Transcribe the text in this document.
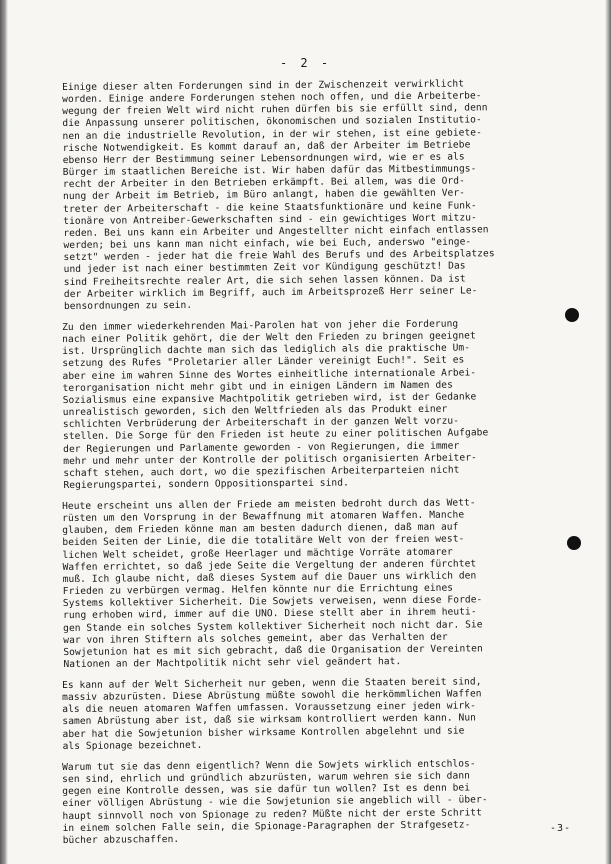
- 2 -
Einige dieser alten Forderungen sind in der Zwischenzeit verwirklicht
worden. Einige andere Forderungen stehen noch offen, und die Arbeiterbe-
wegung der freien Welt wird nicht ruhen dürfen bis sie erfüllt sind, denn
die Anpassung unserer politischen, ökonomischen und sozialen Institutio-
nen an die industrielle Revolution, in der wir stehen, ist eine gebiete-
rische Notwendigkeit. Es kommt darauf an, daß der Arbeiter im Betriebe
ebenso Herr der Bestimmung seiner Lebensordnungen wird, wie er es als
Bürger im staatlichen Bereiche ist. Wir haben dafür das Mitbestimmungs-
recht der Arbeiter in den Betrieben erkämpft. Bei allem, was die Ord-
nung der Arbeit im Betrieb, im Büro anlangt, haben die gewählten Ver-
treter der Arbeiterschaft - die keine Staatsfunktionäre und keine Funk-
tionäre von Antreiber-Gewerkschaften sind - ein gewichtiges Wort mitzu-
reden. Bei uns kann ein Arbeiter und Angestellter nicht einfach entlassen
werden; bei uns kann man nicht einfach, wie bei Euch, anderswo "einge-
setzt" werden - jeder hat die freie Wahl des Berufs und des Arbeitsplatzes
und jeder ist nach einer bestimmten Zeit vor Kündigung geschützt! Das
sind Freiheitsrechte realer Art, die sich sehen lassen können. Da ist
der Arbeiter wirklich im Begriff, auch im Arbeitsprozeß Herr seiner Le-
bensordnungen zu sein.
Zu den immer wiederkehrenden Mai-Parolen hat von jeher die Forderung
nach einer Politik gehört, die der Welt den Frieden zu bringen geeignet
ist. Ursprünglich dachte man sich das lediglich als die praktische Um-
setzung des Rufes "Proletarier aller Länder vereinigt Euch!". Seit es
aber eine im wahren Sinne des Wortes einheitliche internationale Arbei-
terorganisation nicht mehr gibt und in einigen Ländern im Namen des
Sozialismus eine expansive Machtpolitik getrieben wird, ist der Gedanke
unrealistisch geworden, sich den Weltfrieden als das Produkt einer
schlichten Verbrüderung der Arbeiterschaft in der ganzen Welt vorzu-
stellen. Die Sorge für den Frieden ist heute zu einer politischen Aufgabe
der Regierungen und Parlamente geworden - von Regierungen, die immer
mehr und mehr unter der Kontrolle der politisch organisierten Arbeiter-
schaft stehen, auch dort, wo die spezifischen Arbeiterparteien nicht
Regierungspartei, sondern Oppositionspartei sind.
Heute erscheint uns allen der Friede am meisten bedroht durch das Wett-
rüsten um den Vorsprung in der Bewaffnung mit atomaren Waffen. Manche
glauben, dem Frieden könne man am besten dadurch dienen, daß man auf
beiden Seiten der Linie, die die totalitäre Welt von der freien west-
lichen Welt scheidet, große Heerlager und mächtige Vorräte atomarer
Waffen errichtet, so daß jede Seite die Vergeltung der anderen fürchtet
muß. Ich glaube nicht, daß dieses System auf die Dauer uns wirklich den
Frieden zu verbürgen vermag. Helfen könnte nur die Errichtung eines
Systems kollektiver Sicherheit. Die Sowjets verweisen, wenn diese Forde-
rung erhoben wird, immer auf die UNO. Diese stellt aber in ihrem heuti-
gen Stande ein solches System kollektiver Sicherheit noch nicht dar. Sie
war von ihren Stiftern als solches gemeint, aber das Verhalten der
Sowjetunion hat es mit sich gebracht, daß die Organisation der Vereinten
Nationen an der Machtpolitik nicht sehr viel geändert hat.
Es kann auf der Welt Sicherheit nur geben, wenn die Staaten bereit sind,
massiv abzurüsten. Diese Abrüstung müßte sowohl die herkömmlichen Waffen
als die neuen atomaren Waffen umfassen. Voraussetzung einer jeden wirk-
samen Abrüstung aber ist, daß sie wirksam kontrolliert werden kann. Nun
aber hat die Sowjetunion bisher wirksame Kontrollen abgelehnt und sie
als Spionage bezeichnet.
Warum tut sie das denn eigentlich? Wenn die Sowjets wirklich entschlos-
sen sind, ehrlich und gründlich abzurüsten, warum wehren sie sich dann
gegen eine Kontrolle dessen, was sie dafür tun wollen? Ist es denn bei
einer völligen Abrüstung - wie die Sowjetunion sie angeblich will - über-
haupt sinnvoll noch von Spionage zu reden? Müßte nicht der erste Schritt
in einem solchen Falle sein, die Spionage-Paragraphen der Strafgesetz-
bücher abzuschaffen.
-3-
